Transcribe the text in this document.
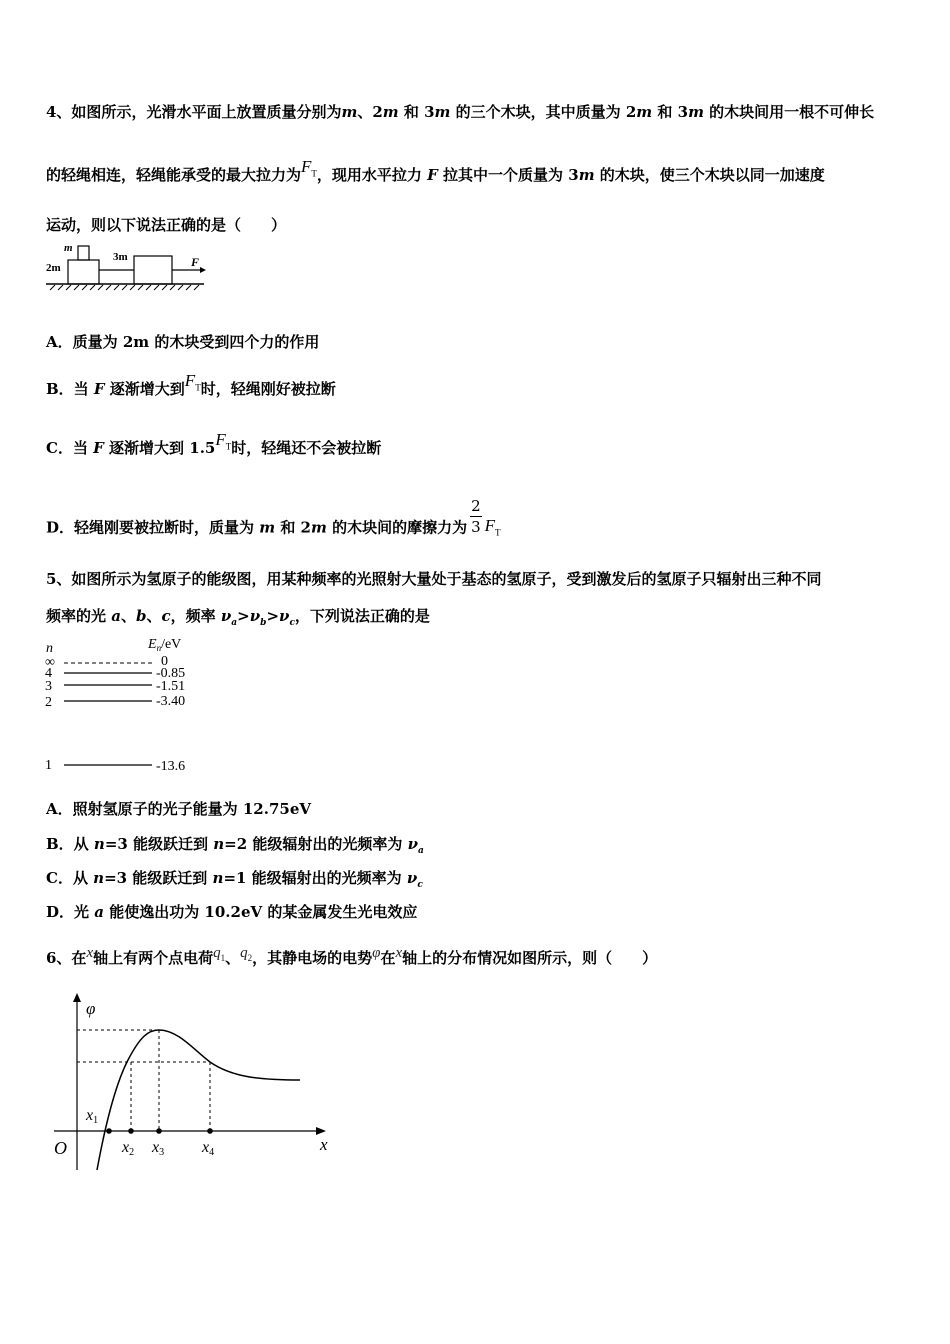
4、如图所示，光滑水平面上放置质量分别为m、2m 和 3m 的三个木块，其中质量为 2m 和 3m 的木块间用一根不可伸长
的轻绳相连，轻绳能承受的最大拉力为$F_T$，现用水平拉力 F 拉其中一个质量为 3m 的木块，使三个木块以同一加速度
运动，则以下说法正确的是（　　）
m
2m
3m	F
A．质量为 2m 的木块受到四个力的作用
B．当 F 逐渐增大到$F_T$时，轻绳刚好被拉断
C．当 F 逐渐增大到 $1.5F_T$时，轻绳还不会被拉断
D．轻绳刚要被拉断时，质量为 m 和 2m 的木块间的摩擦力为 $\frac{2}{3} F_T$
5、如图所示为氢原子的能级图，用某种频率的光照射大量处于基态的氢原子，受到激发后的氢原子只辐射出三种不同
频率的光 a、b、c，频率 $\nu_a>\nu_b>\nu_c$，下列说法正确的是
n	$E_n/eV$
∞	0
4	-0.85
3	-1.51
2	-3.40
1	-13.6
A．照射氢原子的光子能量为 12.75eV
B．从 n=3 能级跃迁到 n=2 能级辐射出的光频率为 $\nu_a$
C．从 n=3 能级跃迁到 n=1 能级辐射出的光频率为 $\nu_c$
D．光 a 能使逸出功为 10.2eV 的某金属发生光电效应
6、在x轴上有两个点电荷$q_1$、$q_2$，其静电场的电势φ在x轴上的分布情况如图所示，则（　　）
φ
x
O
x1
x2 x3 x4
